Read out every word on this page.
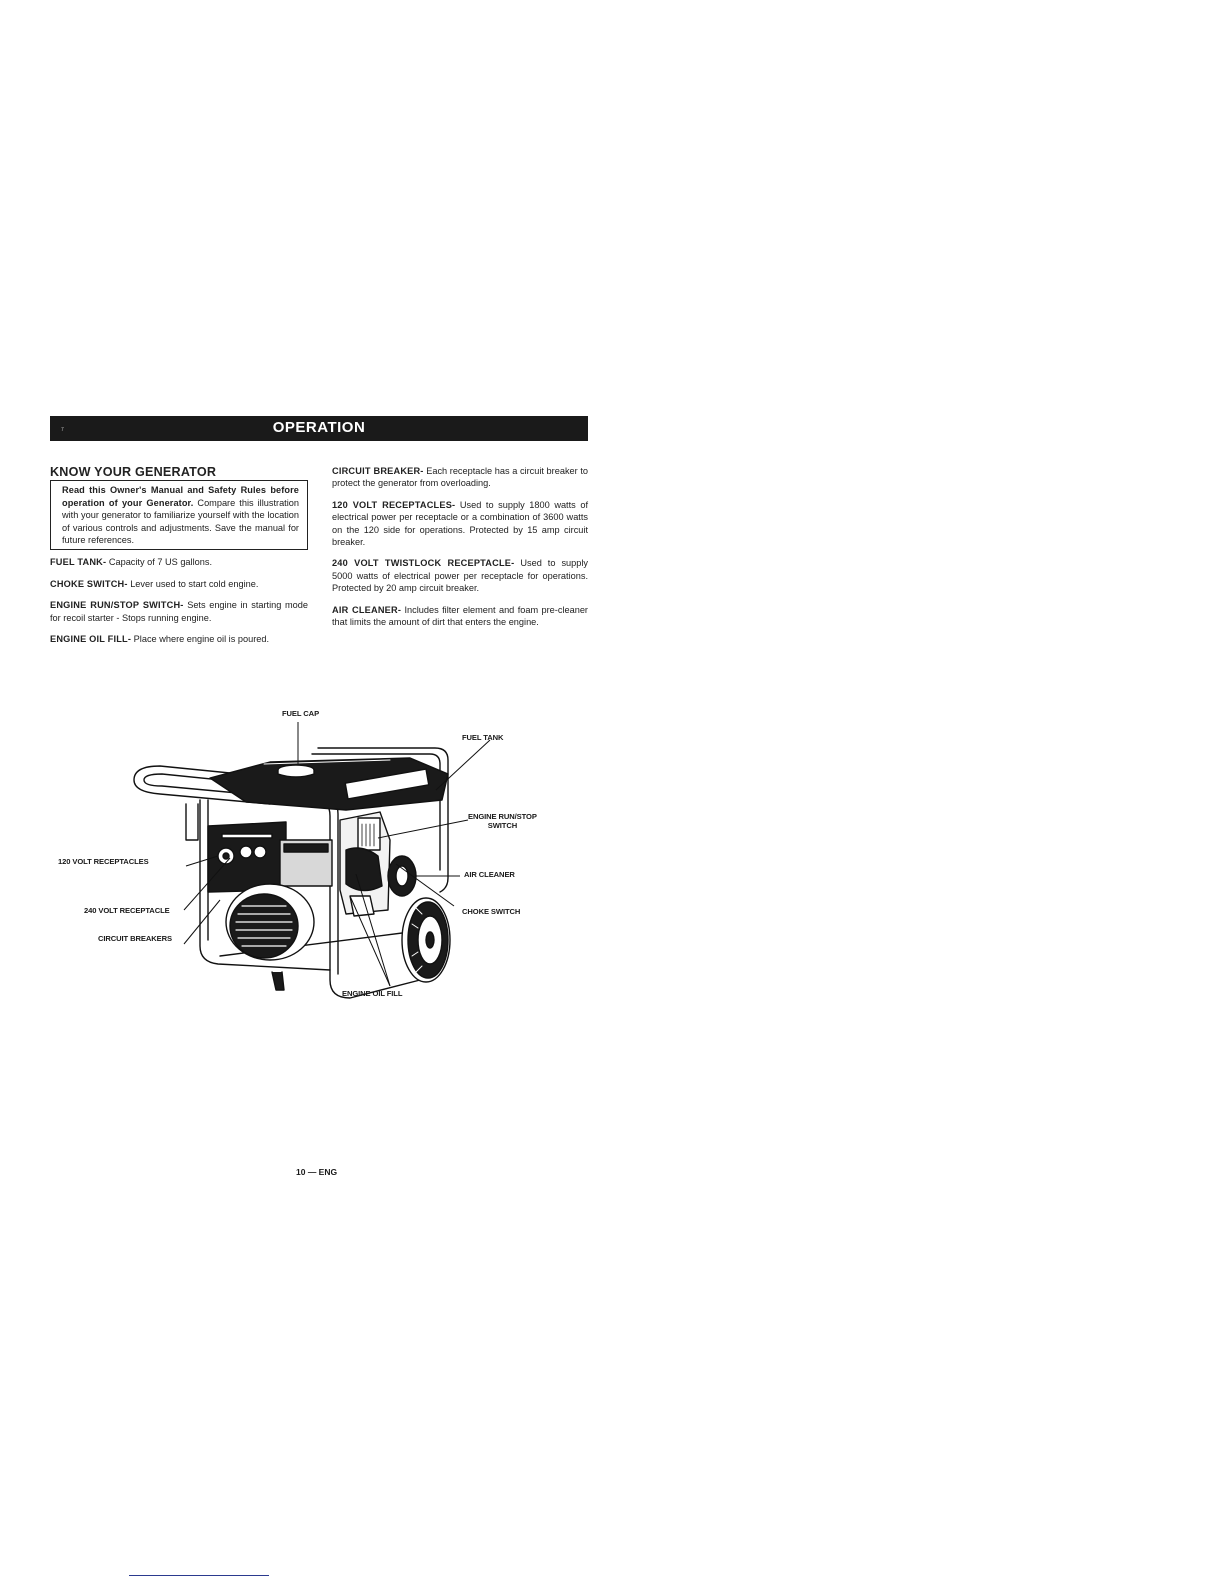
7	OPERATION
KNOW YOUR GENERATOR
Read this Owner's Manual and Safety Rules before operation of your Generator. Compare this illustration with your generator to familiarize yourself with the location of various controls and adjustments. Save the manual for future references.

FUEL TANK- Capacity of 7 US gallons.

CHOKE SWITCH- Lever used to start cold engine.

ENGINE RUN/STOP SWITCH- Sets engine in starting mode for recoil starter - Stops running engine.

ENGINE OIL FILL- Place where engine oil is poured.

CIRCUIT BREAKER- Each receptacle has a circuit breaker to protect the generator from overloading.

120 VOLT RECEPTACLES- Used to supply 1800 watts of electrical power per receptacle or a combination of 3600 watts on the 120 side for operations. Protected by 15 amp circuit breaker.

240 VOLT TWISTLOCK RECEPTACLE- Used to supply 5000 watts of electrical power per receptacle for operations. Protected by 20 amp circuit breaker.

AIR CLEANER- Includes filter element and foam pre-cleaner that limits the amount of dirt that enters the engine.

FUEL CAP
FUEL TANK
ENGINE RUN/STOP
SWITCH
AIR CLEANER
CHOKE SWITCH
120 VOLT RECEPTACLES
240 VOLT RECEPTACLE
CIRCUIT BREAKERS
ENGINE OIL FILL
10 — ENG
